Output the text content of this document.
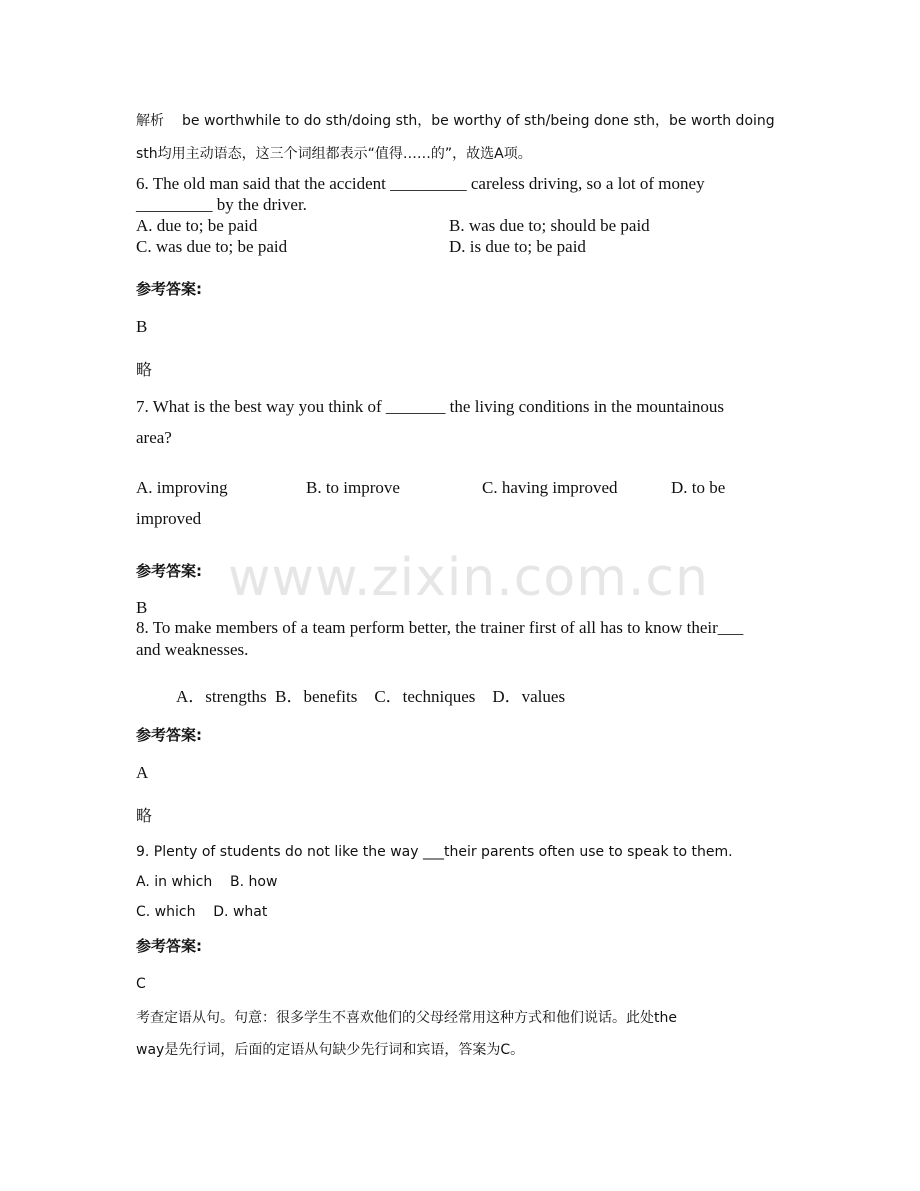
www.zixin.com.cn
解析 be worthwhile to do sth/doing sth，be worthy of sth/being done sth，be worth doing
sth均用主动语态，这三个词组都表示“值得……的”，故选A项。
6. The old man said that the accident _________ careless driving, so a lot of money
_________ by the driver.
A. due to; be paid	B. was due to; should be paid
C. was due to; be paid	D. is due to; be paid
参考答案:
B
略
7. What is the best way you think of _______ the living conditions in the mountainous
area?
A. improving	B. to improve	C. having improved	D. to be
improved
参考答案:
B
8. To make members of a team perform better, the trainer first of all has to know their___
and weaknesses.
A．strengths  B．benefits    C．techniques    D．values
参考答案:
A
略
9. Plenty of students do not like the way ___their parents often use to speak to them.
A. in which    B. how
C. which    D. what
参考答案:
C
考查定语从句。句意：很多学生不喜欢他们的父母经常用这种方式和他们说话。此处the
way是先行词，后面的定语从句缺少先行词和宾语，答案为C。
